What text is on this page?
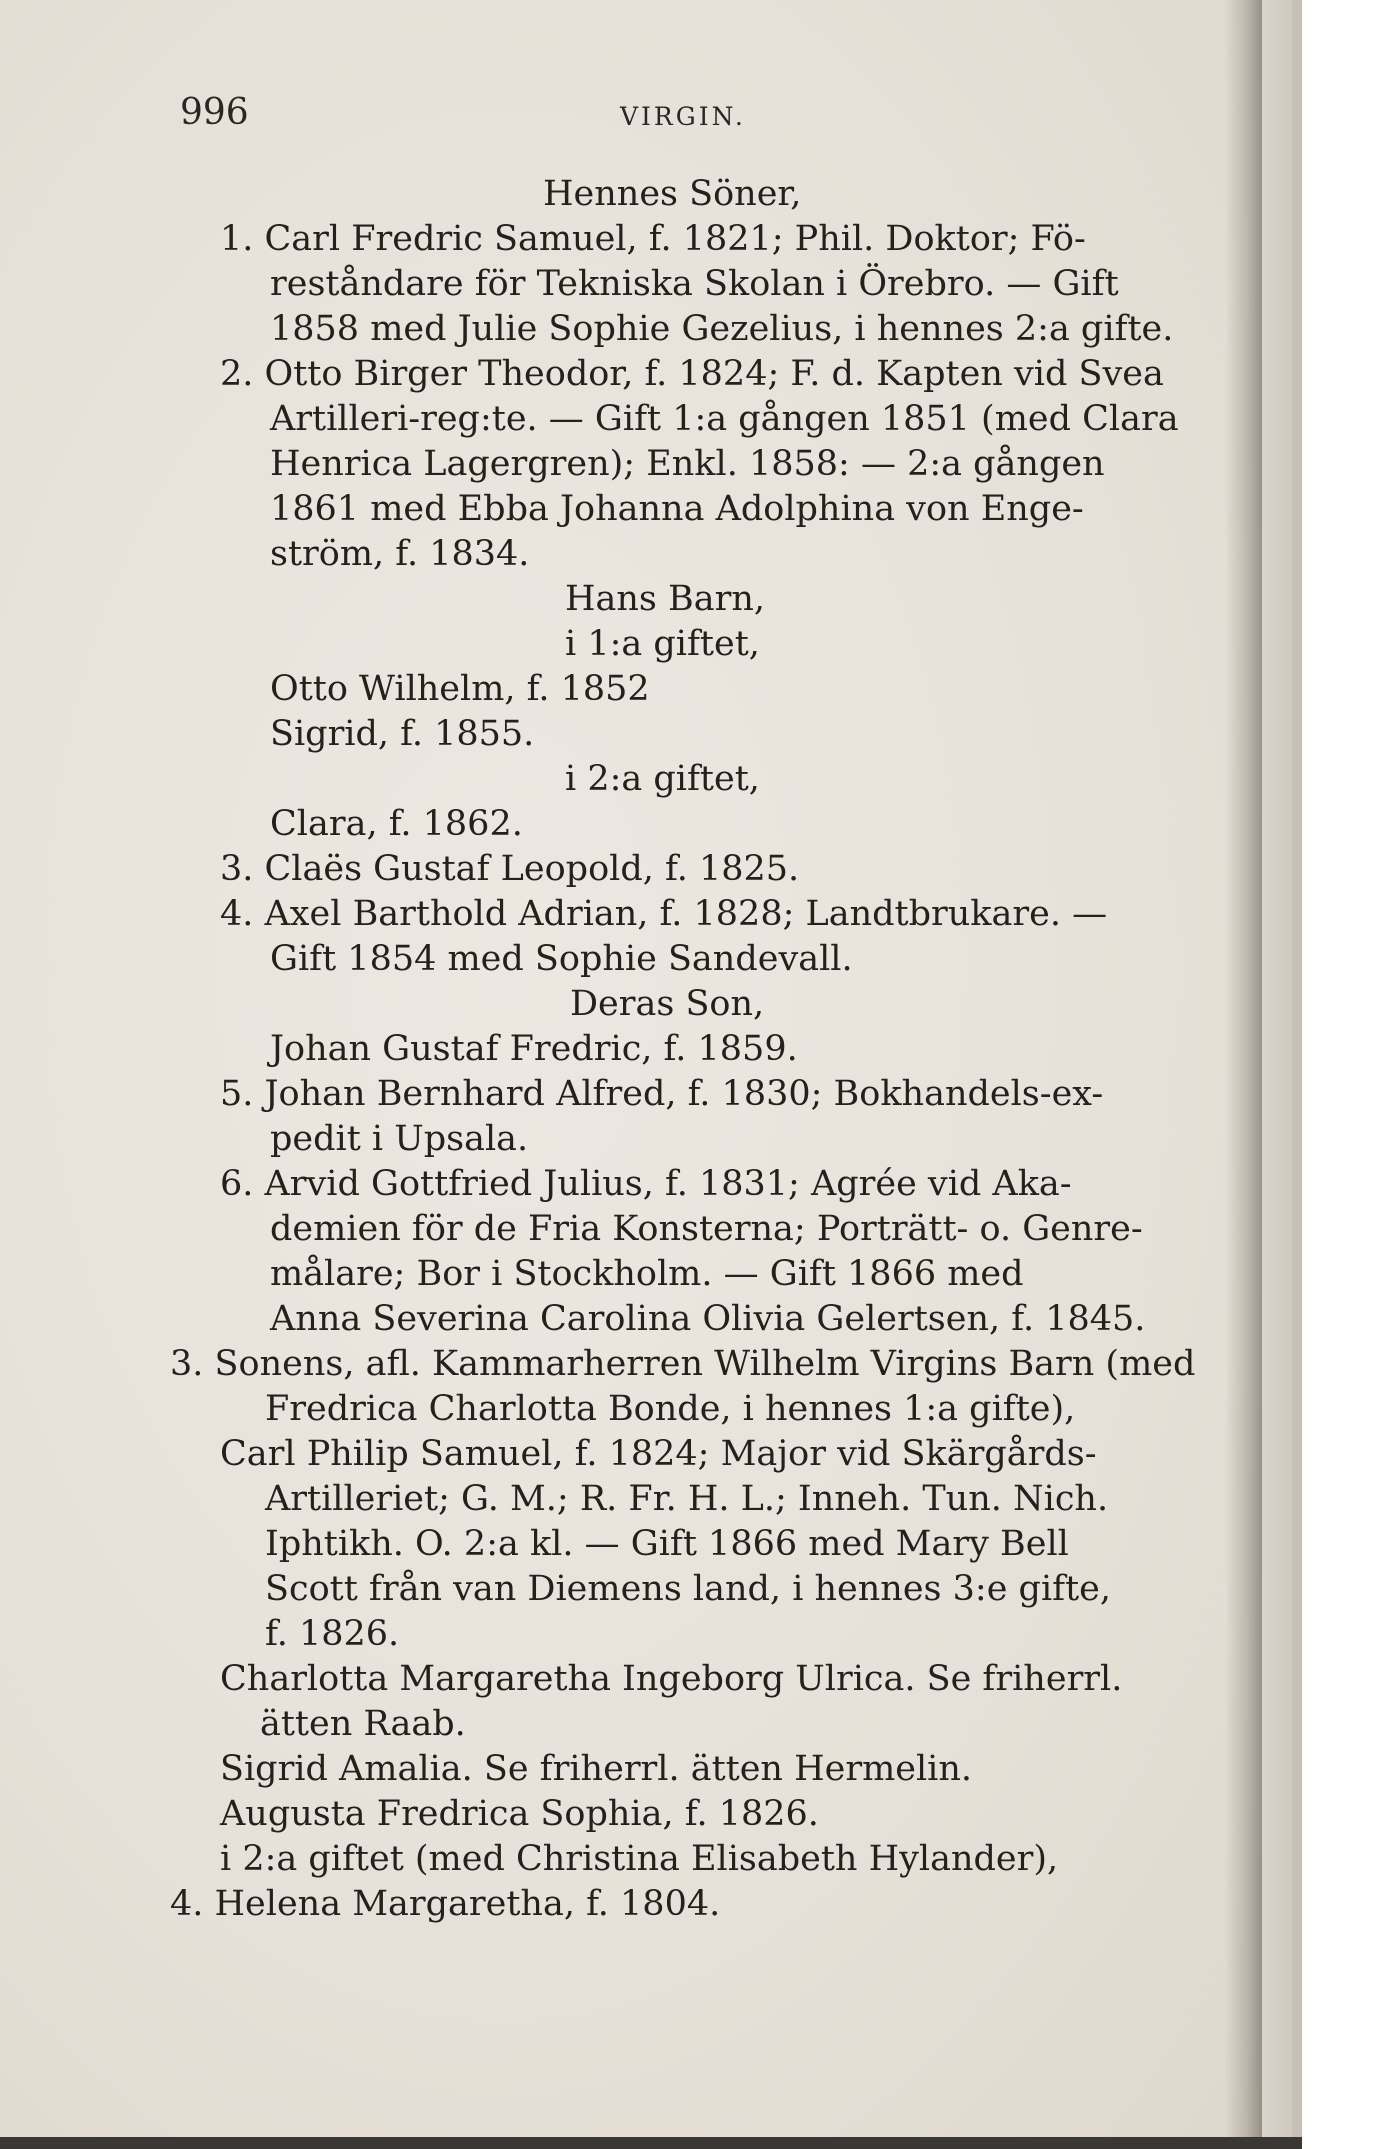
996	VIRGIN.
Hennes Söner,
1. Carl Fredric Samuel, f. 1821; Phil. Doktor; Fö-
reståndare för Tekniska Skolan i Örebro. — Gift
1858 med Julie Sophie Gezelius, i hennes 2:a gifte.
2. Otto Birger Theodor, f. 1824; F. d. Kapten vid Svea
Artilleri-reg:te. — Gift 1:a gången 1851 (med Clara
Henrica Lagergren); Enkl. 1858: — 2:a gången
1861 med Ebba Johanna Adolphina von Enge-
ström, f. 1834.
Hans Barn,
i 1:a giftet,
Otto Wilhelm, f. 1852
Sigrid, f. 1855.
i 2:a giftet,
Clara, f. 1862.
3. Claës Gustaf Leopold, f. 1825.
4. Axel Barthold Adrian, f. 1828; Landtbrukare. —
Gift 1854 med Sophie Sandevall.
Deras Son,
Johan Gustaf Fredric, f. 1859.
5. Johan Bernhard Alfred, f. 1830; Bokhandels-ex-
pedit i Upsala.
6. Arvid Gottfried Julius, f. 1831; Agrée vid Aka-
demien för de Fria Konsterna; Porträtt- o. Genre-
målare; Bor i Stockholm. — Gift 1866 med
Anna Severina Carolina Olivia Gelertsen, f. 1845.
3. Sonens, afl. Kammarherren Wilhelm Virgins Barn (med
Fredrica Charlotta Bonde, i hennes 1:a gifte),
Carl Philip Samuel, f. 1824; Major vid Skärgårds-
Artilleriet; G. M.; R. Fr. H. L.; Inneh. Tun. Nich.
Iphtikh. O. 2:a kl. — Gift 1866 med Mary Bell
Scott från van Diemens land, i hennes 3:e gifte,
f. 1826.
Charlotta Margaretha Ingeborg Ulrica. Se friherrl.
ätten Raab.
Sigrid Amalia. Se friherrl. ätten Hermelin.
Augusta Fredrica Sophia, f. 1826.
i 2:a giftet (med Christina Elisabeth Hylander),
4. Helena Margaretha, f. 1804.
